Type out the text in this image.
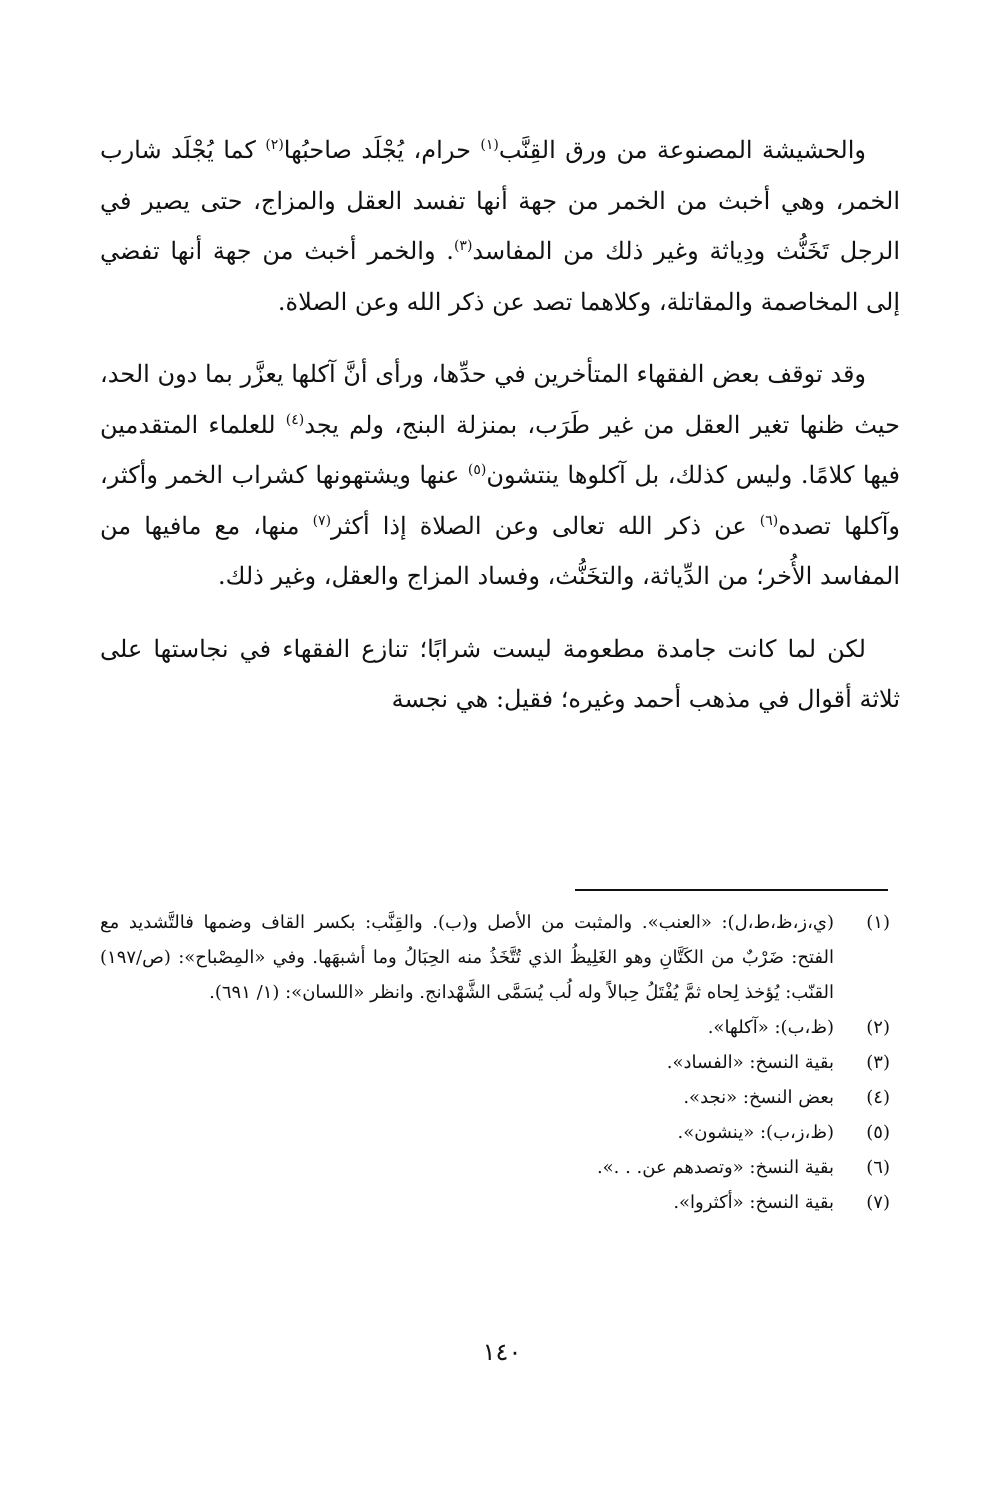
والحشيشة المصنوعة من ورق القِنَّب$^{(١)}$ حرام، يُجْلَد صاحبُها$^{(٢)}$ كما يُجْلَد شارب الخمر، وهي أخبث من الخمر من جهة أنها تفسد العقل والمزاج، حتى يصير في الرجل تَخَنُّث ودِياثة وغير ذلك من المفاسد$^{(٣)}$. والخمر أخبث من جهة أنها تفضي إلى المخاصمة والمقاتلة، وكلاهما تصد عن ذكر الله وعن الصلاة.

وقد توقف بعض الفقهاء المتأخرين في حدِّها، ورأى أنَّ آكلها يعزَّر بما دون الحد، حيث ظنها تغير العقل من غير طَرَب، بمنزلة البنج، ولم يجد$^{(٤)}$ للعلماء المتقدمين فيها كلامًا. وليس كذلك، بل آكلوها ينتشون$^{(٥)}$ عنها ويشتهونها كشراب الخمر وأكثر، وآكلها تصده$^{(٦)}$ عن ذكر الله تعالى وعن الصلاة إذا أكثر$^{(٧)}$ منها، مع مافيها من المفاسد الأُخر؛ من الدِّياثة، والتخَنُّث، وفساد المزاج والعقل، وغير ذلك.

لكن لما كانت جامدة مطعومة ليست شرابًا؛ تنازع الفقهاء في نجاستها على ثلاثة أقوال في مذهب أحمد وغيره؛ فقيل: هي نجسة

(١)
(ي،ز،ظ،ط،ل): «العنب». والمثبت من الأصل و(ب). والقِنَّب: بكسر القاف وضمها فالتَّشديد مع الفتح: ضَرْبٌ من الكَتَّانِ وهو الغَلِيظُ الذي تُتَّخَذُ منه الحِبَالُ وما أشبهَها. وفي «المِصْباح»: (ص/١٩٧) القنّب: يُؤخذ لِحاه ثمَّ يُفْتَلُ حِبالاً وله لُب يُسَمَّى الشَّهْدانج. وانظر «اللسان»: (١/ ٦٩١).
(٢)
(ظ،ب): «آكلها».
(٣)
بقية النسخ: «الفساد».
(٤)
بعض النسخ: «نجد».
(٥)
(ظ،ز،ب): «ينشون».
(٦)
بقية النسخ: «وتصدهم عن. . .».
(٧)
بقية النسخ: «أكثروا».
١٤٠
